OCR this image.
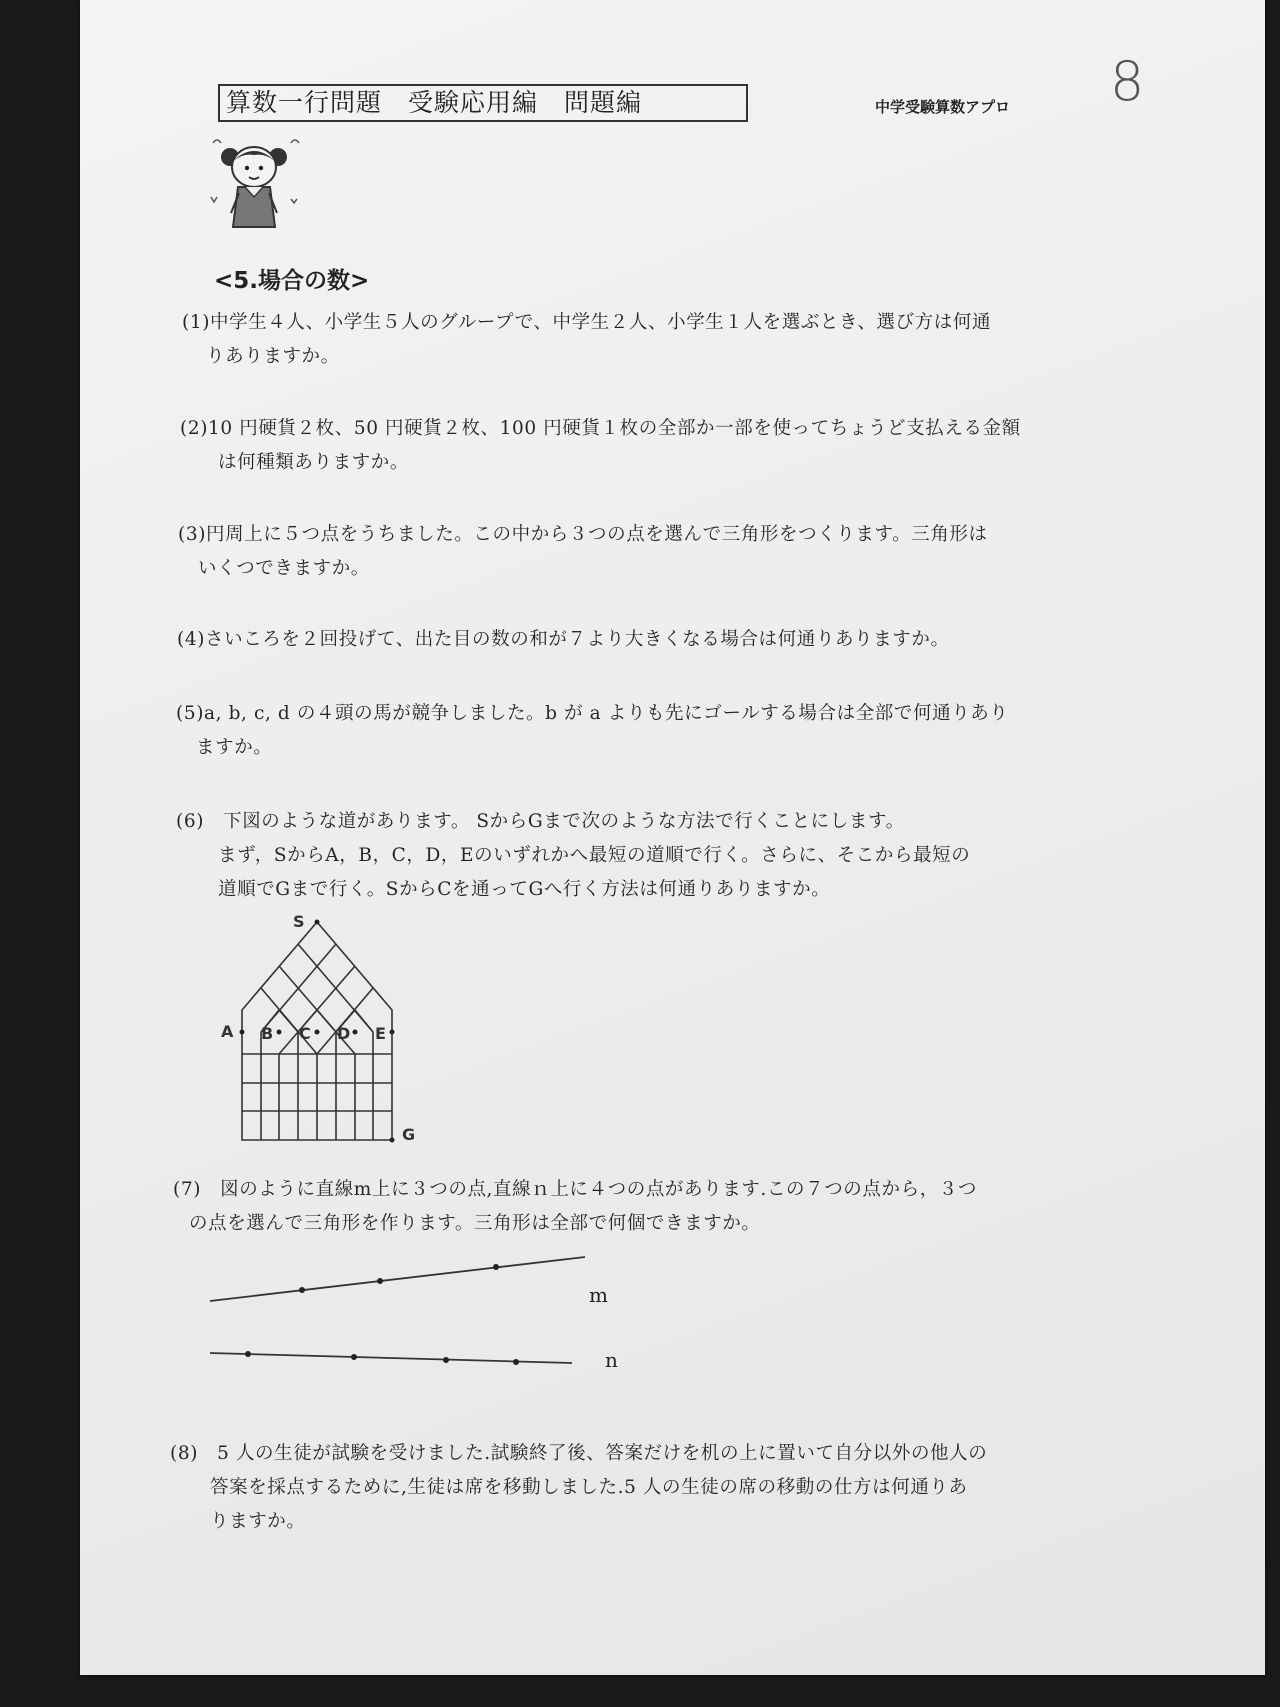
算数一行問題　受験応用編　問題編	中学受験算数アプロ 8
<5.場合の数>
(1)中学生４人、小学生５人のグループで、中学生２人、小学生１人を選ぶとき、選び方は何通
りありますか。
(2)10 円硬貨２枚、50 円硬貨２枚、100 円硬貨１枚の全部か一部を使ってちょうど支払える金額
は何種類ありますか。
(3)円周上に５つ点をうちました。この中から３つの点を選んで三角形をつくります。三角形は
いくつできますか。
(4)さいころを２回投げて、出た目の数の和が７より大きくなる場合は何通りありますか。
(5)a, b, c, d の４頭の馬が競争しました。b が a よりも先にゴールする場合は全部で何通りあり
ますか。
(6)　下図のような道があります。 SからGまで次のような方法で行くことにします。
まず，SからA，B，C，D，Eのいずれかへ最短の道順で行く。さらに、そこから最短の
道順でGまで行く。SからCを通ってGへ行く方法は何通りありますか。
S
A B C D E
G
(7)　図のように直線m上に３つの点,直線ｎ上に４つの点があります.この７つの点から，３つ
の点を選んで三角形を作ります。三角形は全部で何個できますか。
m
n
(8)　5 人の生徒が試験を受けました.試験終了後、答案だけを机の上に置いて自分以外の他人の
答案を採点するために,生徒は席を移動しました.5 人の生徒の席の移動の仕方は何通りあ
りますか。
